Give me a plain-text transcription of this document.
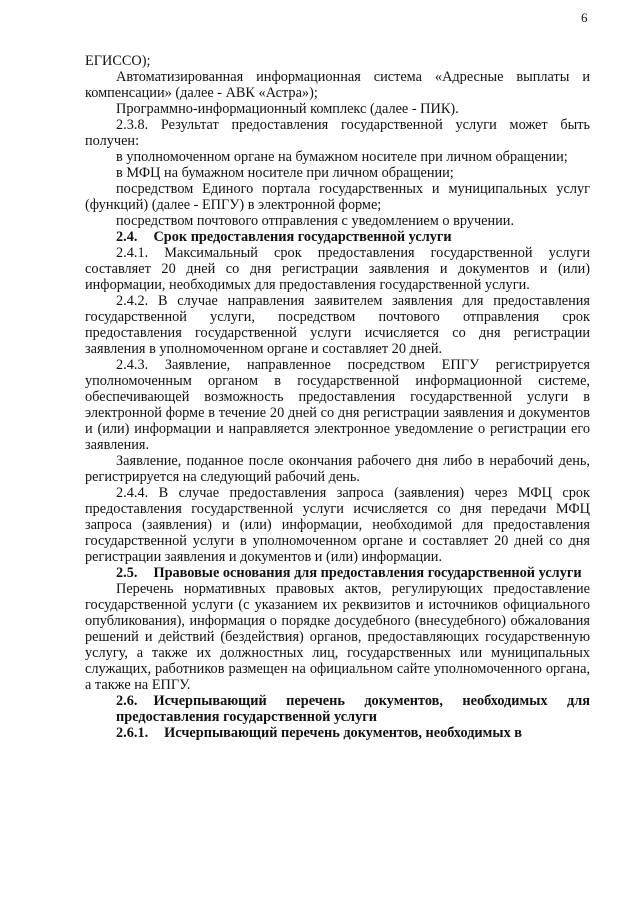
6

ЕГИССО);

Автоматизированная информационная система «Адресные выплаты и компенсации» (далее - АВК «Астра»);

Программно-информационный комплекс (далее - ПИК).

2.3.8. Результат предоставления государственной услуги может быть получен:

в уполномоченном органе на бумажном носителе при личном обращении;

в МФЦ на бумажном носителе при личном обращении;

посредством Единого портала государственных и муниципальных услуг (функций) (далее - ЕПГУ) в электронной форме;

посредством почтового отправления с уведомлением о вручении.

2.4. Срок предоставления государственной услуги

2.4.1. Максимальный срок предоставления государственной услуги составляет 20 дней со дня регистрации заявления и документов и (или) информации, необходимых для предоставления государственной услуги.

2.4.2. В случае направления заявителем заявления для предоставления государственной услуги, посредством почтового отправления срок предоставления государственной услуги исчисляется со дня регистрации заявления в уполномоченном органе и составляет 20 дней.

2.4.3. Заявление, направленное посредством ЕПГУ регистрируется уполномоченным органом в государственной информационной системе, обеспечивающей возможность предоставления государственной услуги в электронной форме в течение 20 дней со дня регистрации заявления и документов и (или) информации и направляется электронное уведомление о регистрации его заявления.

Заявление, поданное после окончания рабочего дня либо в нерабочий день, регистрируется на следующий рабочий день.

2.4.4. В случае предоставления запроса (заявления) через МФЦ срок предоставления государственной услуги исчисляется со дня передачи МФЦ запроса (заявления) и (или) информации, необходимой для предоставления государственной услуги в уполномоченном органе и составляет 20 дней со дня регистрации заявления и документов и (или) информации.

2.5. Правовые основания для предоставления государственной услуги

Перечень нормативных правовых актов, регулирующих предоставление государственной услуги (с указанием их реквизитов и источников официального опубликования), информация о порядке досудебного (внесудебного) обжалования решений и действий (бездействия) органов, предоставляющих государственную услугу, а также их должностных лиц, государственных или муниципальных служащих, работников размещен на официальном сайте уполномоченного органа, а также на ЕПГУ.

2.6. Исчерпывающий перечень документов, необходимых для предоставления государственной услуги

2.6.1. Исчерпывающий перечень документов, необходимых в
